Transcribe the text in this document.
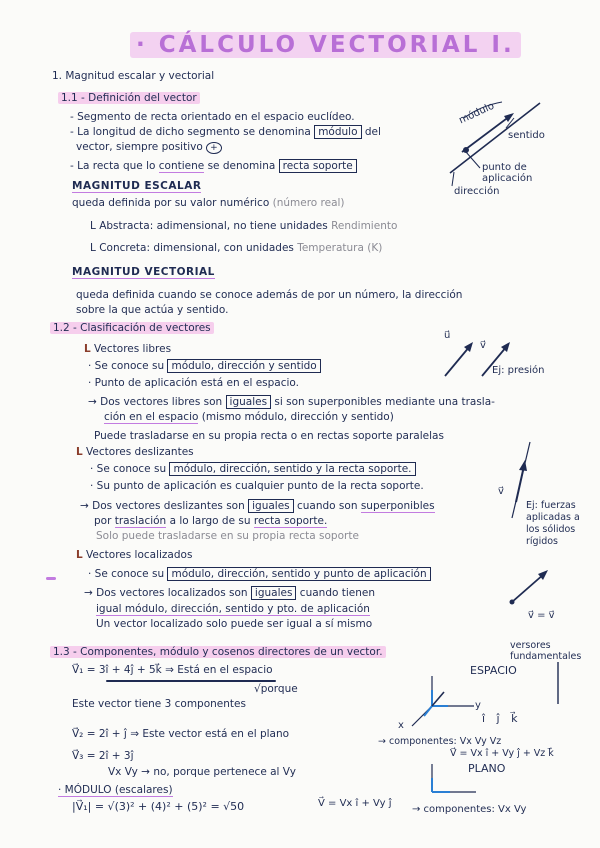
· CÁLCULO VECTORIAL I.
1. Magnitud escalar y vectorial
1.1 - Definición del vector
- Segmento de recta orientado en el espacio euclídeo.
- La longitud de dicho segmento se denomina módulo del
vector, siempre positivo +
- La recta que lo contiene se denomina recta soporte
módulo
sentido
punto de aplicación
dirección
MAGNITUD ESCALAR
queda definida por su valor numérico (número real)
L Abstracta: adimensional, no tiene unidades Rendimiento
L Concreta: dimensional, con unidades Temperatura (K)
MAGNITUD VECTORIAL
queda definida cuando se conoce además de por un número, la dirección
sobre la que actúa y sentido.
1.2 - Clasificación de vectores
L Vectores libres
· Se conoce su módulo, dirección y sentido
· Punto de aplicación está en el espacio.
→ Dos vectores libres son iguales si son superponibles mediante una trasla-
ción en el espacio (mismo módulo, dirección y sentido)
Puede trasladarse en su propia recta o en rectas soporte paralelas
u⃗
v⃗
Ej: presión
L Vectores deslizantes
· Se conoce su módulo, dirección, sentido y la recta soporte.
· Su punto de aplicación es cualquier punto de la recta soporte.
→ Dos vectores deslizantes son iguales cuando son superponibles
por traslación a lo largo de su recta soporte.
Solo puede trasladarse en su propia recta soporte
v⃗
Ej: fuerzas aplicadas a los sólidos rígidos
L Vectores localizados
· Se conoce su módulo, dirección, sentido y punto de aplicación
→ Dos vectores localizados son iguales cuando tienen
igual módulo, dirección, sentido y pto. de aplicación
Un vector localizado solo puede ser igual a sí mismo
v⃗ = v⃗
1.3 - Componentes, módulo y cosenos directores de un vector.
versores fundamentales
ESPACIO
V⃗₁ = 3î + 4ĵ + 5k⃗ ⇒ Está en el espacio
√porque
Este vector tiene 3 componentes
V⃗₂ = 2î + ĵ ⇒ Este vector está en el plano
V⃗₃ = 2î + 3ĵ
Vx Vy → no, porque pertenece al Vy
· MÓDULO (escalares)
|V⃗₁| = √(3)² + (4)² + (5)² = √50
y
x
î ĵ k⃗
→ componentes: Vx Vy Vz
V⃗ = Vx î + Vy ĵ + Vz k⃗
PLANO
V⃗ = Vx î + Vy ĵ
→ componentes: Vx Vy
